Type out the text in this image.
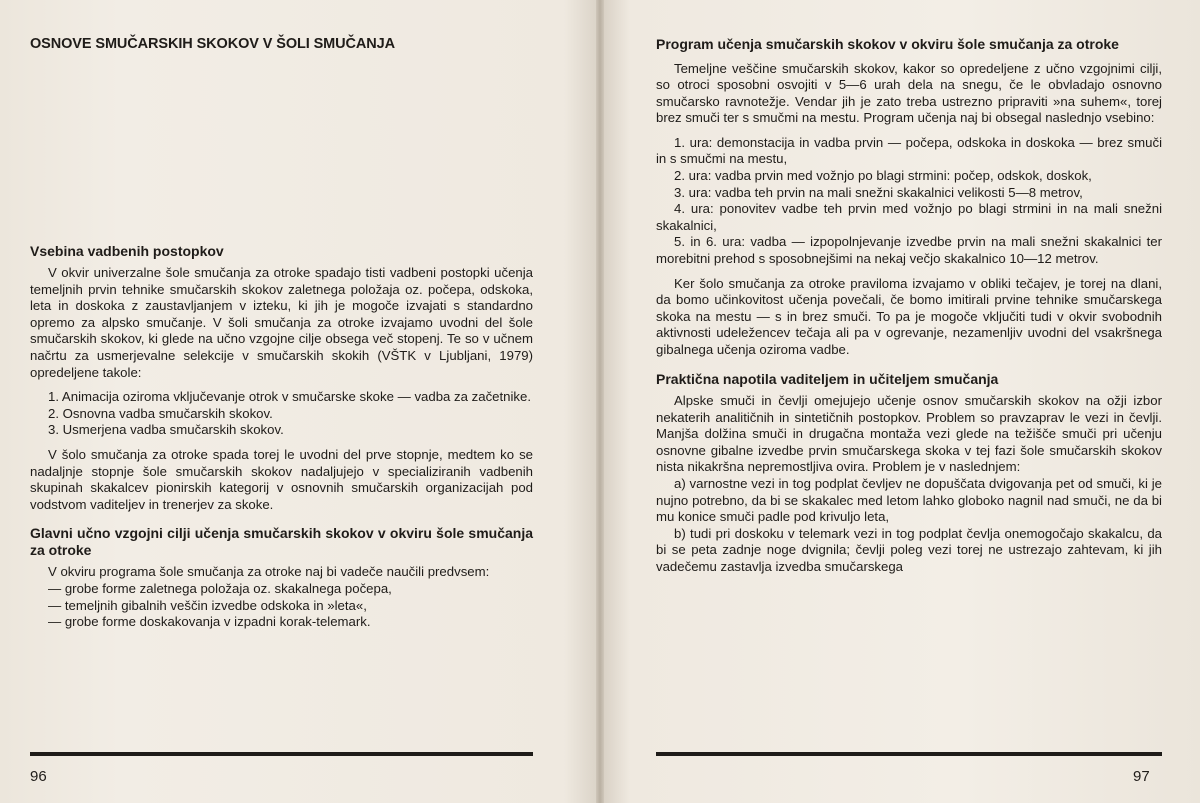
OSNOVE SMUČARSKIH SKOKOV V ŠOLI SMUČANJA
Vsebina vadbenih postopkov

V okvir univerzalne šole smučanja za otroke spadajo tisti vadbeni postopki učenja temeljnih prvin tehnike smučarskih skokov zaletnega položaja oz. počepa, odskoka, leta in doskoka z zaustavljanjem v izteku, ki jih je mogoče izvajati s standardno opremo za alpsko smučanje. V šoli smučanja za otroke izvajamo uvodni del šole smučarskih skokov, ki glede na učno vzgojne cilje obsega več stopenj. Te so v učnem načrtu za usmerjevalne selekcije v smučarskih skokih (VŠTK v Ljubljani, 1979) opredeljene takole:

1. Animacija oziroma vključevanje otrok v smučarske skoke — vadba za začetnike.

2. Osnovna vadba smučarskih skokov.

3. Usmerjena vadba smučarskih skokov.

V šolo smučanja za otroke spada torej le uvodni del prve stopnje, medtem ko se nadaljnje stopnje šole smučarskih skokov nadaljujejo v specializiranih vadbenih skupinah skakalcev pionirskih kategorij v osnovnih smučarskih organizacijah pod vodstvom vaditeljev in trenerjev za skoke.

Glavni učno vzgojni cilji učenja smučarskih skokov v okviru šole smučanja za otroke

V okviru programa šole smučanja za otroke naj bi vadeče naučili predvsem:

— grobe forme zaletnega položaja oz. skakalnega počepa,

— temeljnih gibalnih veščin izvedbe odskoka in »leta«,

— grobe forme doskakovanja v izpadni korak-telemark.

96
Program učenja smučarskih skokov v okviru šole smučanja za otroke

Temeljne veščine smučarskih skokov, kakor so opredeljene z učno vzgojnimi cilji, so otroci sposobni osvojiti v 5—6 urah dela na snegu, če le obvladajo osnovno smučarsko ravnotežje. Vendar jih je zato treba ustrezno pripraviti »na suhem«, torej brez smuči ter s smučmi na mestu. Program učenja naj bi obsegal naslednjo vsebino:

1. ura: demonstacija in vadba prvin — počepa, odskoka in doskoka — brez smuči in s smučmi na mestu,

2. ura: vadba prvin med vožnjo po blagi strmini: počep, odskok, doskok,

3. ura: vadba teh prvin na mali snežni skakalnici velikosti 5—8 metrov,

4. ura: ponovitev vadbe teh prvin med vožnjo po blagi strmini in na mali snežni skakalnici,

5. in 6. ura: vadba — izpopolnjevanje izvedbe prvin na mali snežni skakalnici ter morebitni prehod s sposobnejšimi na nekaj večjo skakalnico 10—12 metrov.

Ker šolo smučanja za otroke praviloma izvajamo v obliki tečajev, je torej na dlani, da bomo učinkovitost učenja povečali, če bomo imitirali prvine tehnike smučarskega skoka na mestu — s in brez smuči. To pa je mogoče vključiti tudi v okvir svobodnih aktivnosti udeležencev tečaja ali pa v ogrevanje, nezamenljiv uvodni del vsakršnega gibalnega učenja oziroma vadbe.

Praktična napotila vaditeljem in učiteljem smučanja

Alpske smuči in čevlji omejujejo učenje osnov smučarskih skokov na ožji izbor nekaterih analitičnih in sintetičnih postopkov. Problem so pravzaprav le vezi in čevlji. Manjša dolžina smuči in drugačna montaža vezi glede na težišče smuči pri učenju osnovne gibalne izvedbe prvin smučarskega skoka v tej fazi šole smučarskih skokov nista nikakršna nepremostljiva ovira. Problem je v naslednjem:

a) varnostne vezi in tog podplat čevljev ne dopuščata dvigovanja pet od smuči, ki je nujno potrebno, da bi se skakalec med letom lahko globoko nagnil nad smuči, ne da bi mu konice smuči padle pod krivuljo leta,

b) tudi pri doskoku v telemark vezi in tog podplat čevlja onemogočajo skakalcu, da bi se peta zadnje noge dvignila; čevlji poleg vezi torej ne ustrezajo zahtevam, ki jih vadečemu zastavlja izvedba smučarskega

97
